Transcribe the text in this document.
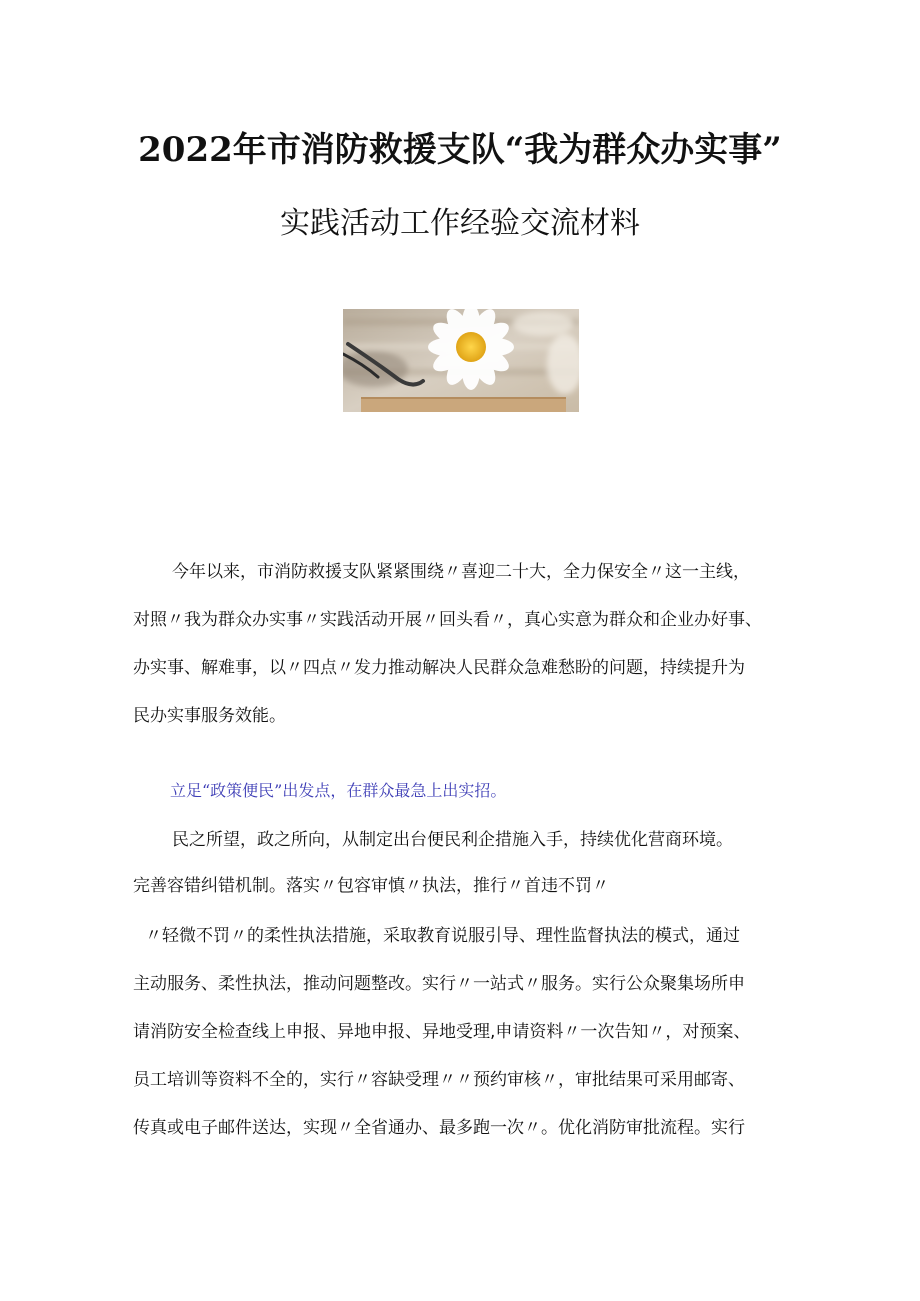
2022年市消防救援支队“我为群众办实事”
实践活动工作经验交流材料
今年以来，市消防救援支队紧紧围绕〃喜迎二十大，全力保安全〃这一主线，
对照〃我为群众办实事〃实践活动开展〃回头看〃，真心实意为群众和企业办好事、
办实事、解难事，以〃四点〃发力推动解决人民群众急难愁盼的问题，持续提升为
民办实事服务效能。
立足“政策便民”出发点，在群众最急上出实招。
民之所望，政之所向，从制定出台便民利企措施入手，持续优化营商环境。
完善容错纠错机制。落实〃包容审慎〃执法，推行〃首违不罚〃
〃轻微不罚〃的柔性执法措施，采取教育说服引导、理性监督执法的模式，通过
主动服务、柔性执法，推动问题整改。实行〃一站式〃服务。实行公众聚集场所申
请消防安全检查线上申报、异地申报、异地受理,申请资料〃一次告知〃，对预案、
员工培训等资料不全的，实行〃容缺受理〃〃预约审核〃，审批结果可采用邮寄、
传真或电子邮件送达，实现〃全省通办、最多跑一次〃。优化消防审批流程。实行
